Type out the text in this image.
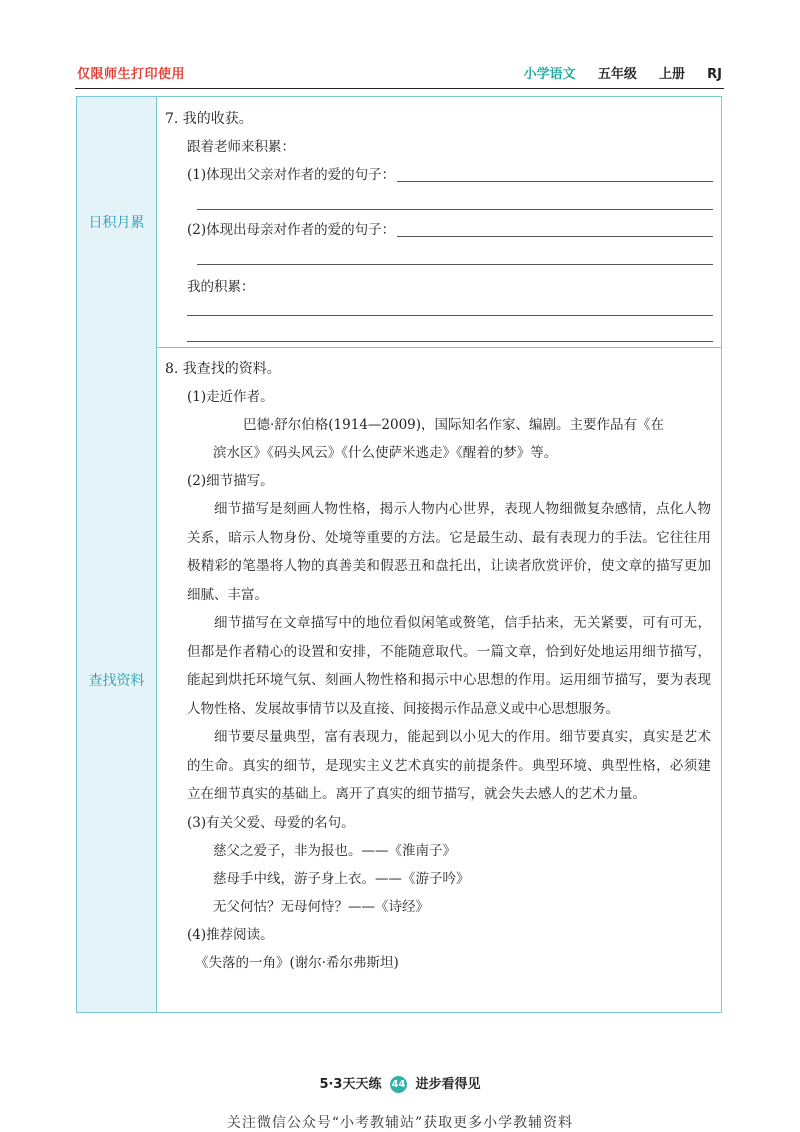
仅限师生打印使用	小学语文 五年级 上册 RJ
日积月累
查找资料
7. 我的收获。
跟着老师来积累：
(1)体现出父亲对作者的爱的句子：
(2)体现出母亲对作者的爱的句子：
我的积累：
8. 我查找的资料。
(1)走近作者。
巴德·舒尔伯格(1914—2009)，国际知名作家、编剧。主要作品有《在
滨水区》《码头风云》《什么使萨米逃走》《醒着的梦》等。
(2)细节描写。
细节描写是刻画人物性格，揭示人物内心世界，表现人物细微复杂感情，点化人物关系，暗示人物身份、处境等重要的方法。它是最生动、最有表现力的手法。它往往用极精彩的笔墨将人物的真善美和假恶丑和盘托出，让读者欣赏评价，使文章的描写更加细腻、丰富。
细节描写在文章描写中的地位看似闲笔或赘笔，信手拈来，无关紧要，可有可无，但都是作者精心的设置和安排，不能随意取代。一篇文章，恰到好处地运用细节描写，能起到烘托环境气氛、刻画人物性格和揭示中心思想的作用。运用细节描写，要为表现人物性格、发展故事情节以及直接、间接揭示作品意义或中心思想服务。
细节要尽量典型，富有表现力，能起到以小见大的作用。细节要真实，真实是艺术的生命。真实的细节，是现实主义艺术真实的前提条件。典型环境、典型性格，必须建立在细节真实的基础上。离开了真实的细节描写，就会失去感人的艺术力量。
(3)有关父爱、母爱的名句。
慈父之爱子，非为报也。——《淮南子》
慈母手中线，游子身上衣。——《游子吟》
无父何怙？无母何恃？——《诗经》
(4)推荐阅读。
《失落的一角》(谢尔·希尔弗斯坦)
5·3天天练 44 进步看得见
关注微信公众号“小考教辅站”获取更多小学教辅资料
